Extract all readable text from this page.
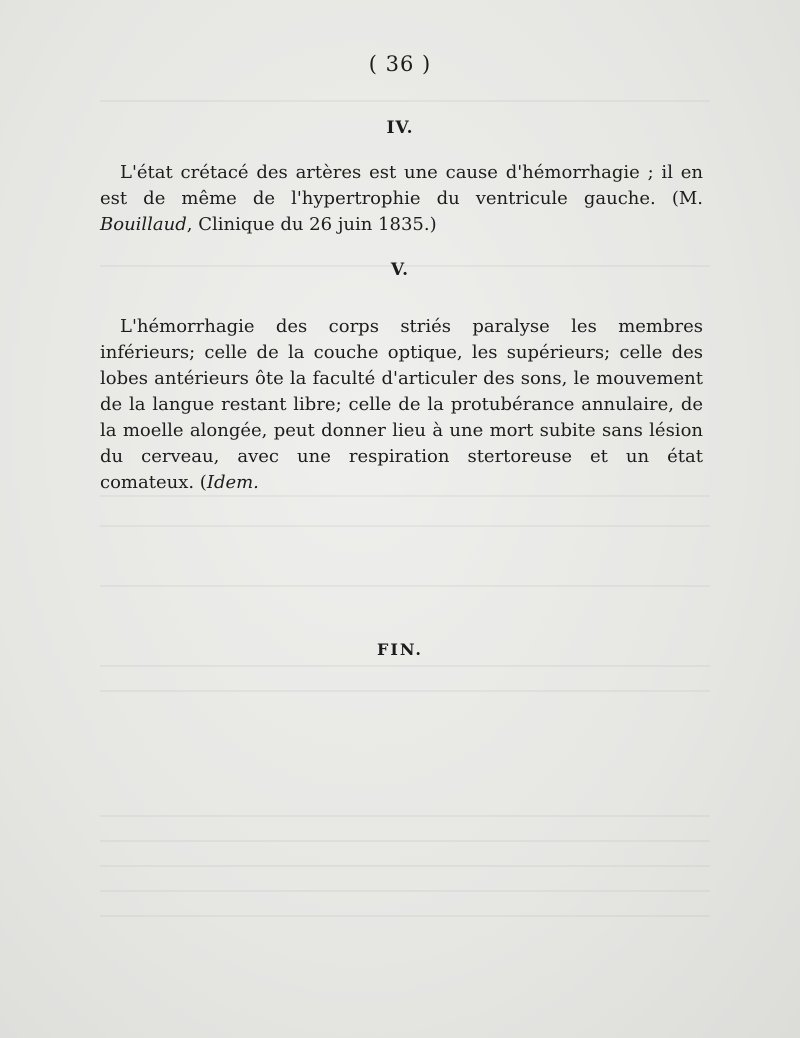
( 36 )
IV.
L'état crétacé des artères est une cause d'hémorrhagie ; il en est de même de l'hypertrophie du ventricule gauche. (M. Bouillaud, Clinique du 26 juin 1835.)
V.
L'hémorrhagie des corps striés paralyse les membres inférieurs; celle de la couche optique, les supérieurs; celle des lobes antérieurs ôte la faculté d'articuler des sons, le mouvement de la langue restant libre; celle de la protubérance annulaire, de la moelle alongée, peut donner lieu à une mort subite sans lésion du cerveau, avec une respiration stertoreuse et un état comateux. (Idem.
FIN.
